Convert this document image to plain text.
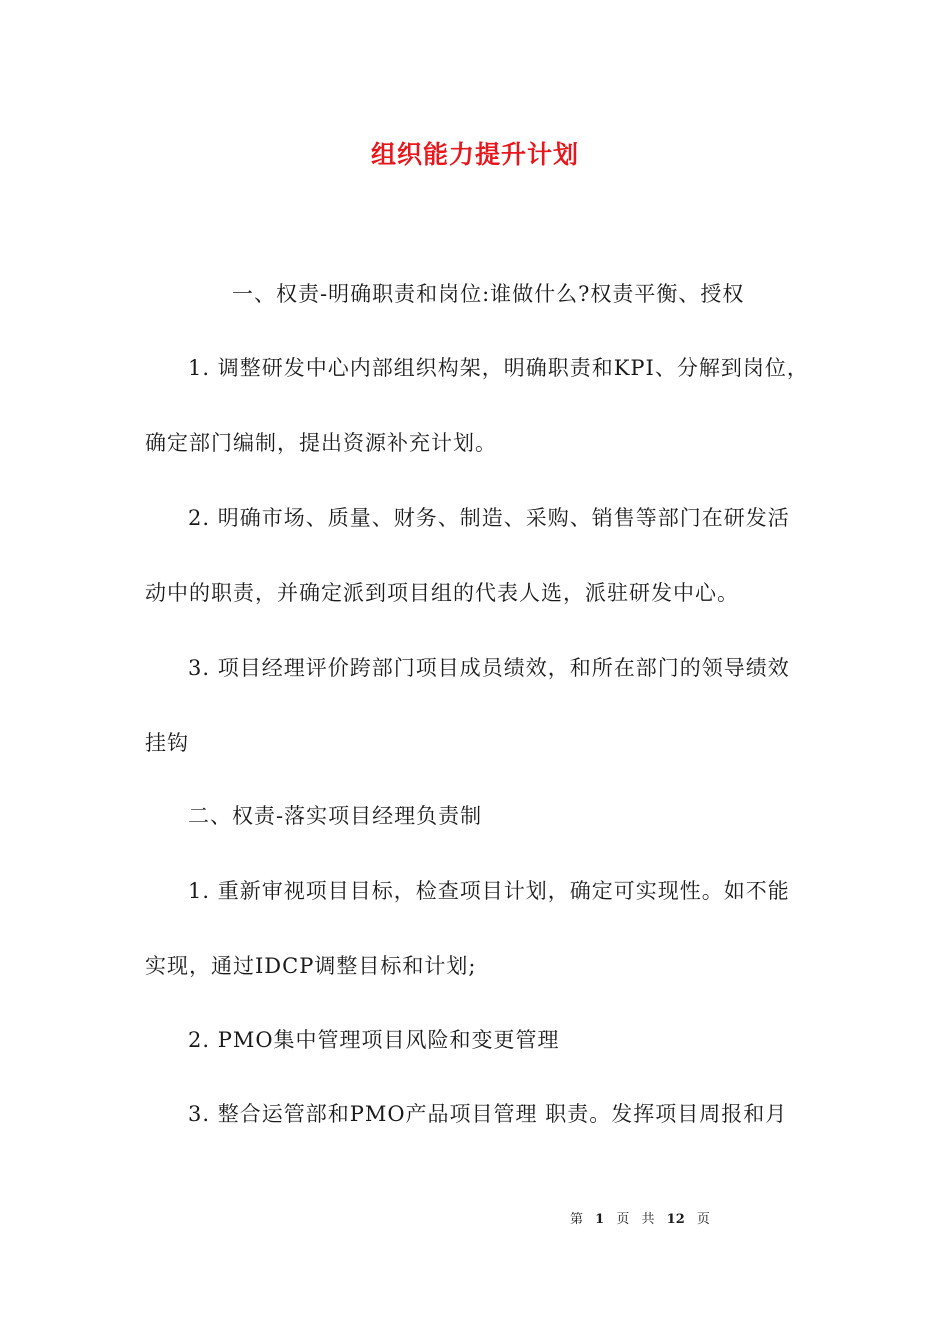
组织能力提升计划
一、权责-明确职责和岗位:谁做什么?权责平衡、授权
1. 调整研发中心内部组织构架，明确职责和KPI、分解到岗位，
确定部门编制，提出资源补充计划。
2. 明确市场、质量、财务、制造、采购、销售等部门在研发活
动中的职责，并确定派到项目组的代表人选，派驻研发中心。
3. 项目经理评价跨部门项目成员绩效，和所在部门的领导绩效
挂钩
二、权责-落实项目经理负责制
1. 重新审视项目目标，检查项目计划，确定可实现性。如不能
实现，通过IDCP调整目标和计划;
2. PMO集中管理项目风险和变更管理
3. 整合运管部和PMO产品项目管理 职责。发挥项目周报和月
第 1 页 共 12 页
